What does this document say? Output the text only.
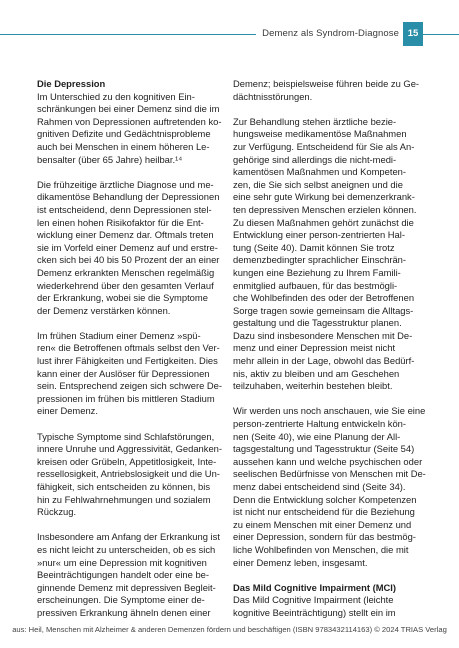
Demenz als Syndrom-Diagnose 15
Die Depression
Im Unterschied zu den kognitiven Ein-
schränkungen bei einer Demenz sind die im
Rahmen von Depressionen auftretenden ko-
gnitiven Defizite und Gedächtnisprobleme
auch bei Menschen in einem höheren Le-
bensalter (über 65 Jahre) heilbar.¹⁴
Die frühzeitige ärztliche Diagnose und me-
dikamentöse Behandlung der Depressionen
ist entscheidend, denn Depressionen stel-
len einen hohen Risikofaktor für die Ent-
wicklung einer Demenz dar. Oftmals treten
sie im Vorfeld einer Demenz auf und erstre-
cken sich bei 40 bis 50 Prozent der an einer
Demenz erkrankten Menschen regelmäßig
wiederkehrend über den gesamten Verlauf
der Erkrankung, wobei sie die Symptome
der Demenz verstärken können.
Im frühen Stadium einer Demenz »spü-
ren« die Betroffenen oftmals selbst den Ver-
lust ihrer Fähigkeiten und Fertigkeiten. Dies
kann einer der Auslöser für Depressionen
sein. Entsprechend zeigen sich schwere De-
pressionen im frühen bis mittleren Stadium
einer Demenz.
Typische Symptome sind Schlafstörungen,
innere Unruhe und Aggressivität, Gedanken-
kreisen oder Grübeln, Appetitlosigkeit, Inte-
ressellosigkeit, Antriebslosigkeit und die Un-
fähigkeit, sich entscheiden zu können, bis
hin zu Fehlwahrnehmungen und sozialem
Rückzug.
Insbesondere am Anfang der Erkrankung ist
es nicht leicht zu unterscheiden, ob es sich
»nur« um eine Depression mit kognitiven
Beeinträchtigungen handelt oder eine be-
ginnende Demenz mit depressiven Begleit-
erscheinungen. Die Symptome einer de-
pressiven Erkrankung ähneln denen einer
Demenz; beispielsweise führen beide zu Ge-
dächtnisstörungen.
Zur Behandlung stehen ärztliche bezie-
hungsweise medikamentöse Maßnahmen
zur Verfügung. Entscheidend für Sie als An-
gehörige sind allerdings die nicht-medi-
kamentösen Maßnahmen und Kompeten-
zen, die Sie sich selbst aneignen und die
eine sehr gute Wirkung bei demenzerkrank-
ten depressiven Menschen erzielen können.
Zu diesen Maßnahmen gehört zunächst die
Entwicklung einer person-zentrierten Hal-
tung (Seite 40). Damit können Sie trotz
demenzbedingter sprachlicher Einschrän-
kungen eine Beziehung zu Ihrem Famili-
enmitglied aufbauen, für das bestmögli-
che Wohlbefinden des oder der Betroffenen
Sorge tragen sowie gemeinsam die Alltags-
gestaltung und die Tagesstruktur planen.
Dazu sind insbesondere Menschen mit De-
menz und einer Depression meist nicht
mehr allein in der Lage, obwohl das Bedürf-
nis, aktiv zu bleiben und am Geschehen
teilzuhaben, weiterhin bestehen bleibt.
Wir werden uns noch anschauen, wie Sie eine
person-zentrierte Haltung entwickeln kön-
nen (Seite 40), wie eine Planung der All-
tagsgestaltung und Tagesstruktur (Seite 54)
aussehen kann und welche psychischen oder
seelischen Bedürfnisse von Menschen mit De-
menz dabei entscheidend sind (Seite 34).
Denn die Entwicklung solcher Kompetenzen
ist nicht nur entscheidend für die Beziehung
zu einem Menschen mit einer Demenz und
einer Depression, sondern für das bestmög-
liche Wohlbefinden von Menschen, die mit
einer Demenz leben, insgesamt.
Das Mild Cognitive Impairment (MCI)
Das Mild Cognitive Impairment (leichte
kognitive Beeinträchtigung) stellt ein im
aus: Heil, Menschen mit Alzheimer & anderen Demenzen fördern und beschäftigen (ISBN 9783432114163) © 2024 TRIAS Verlag
